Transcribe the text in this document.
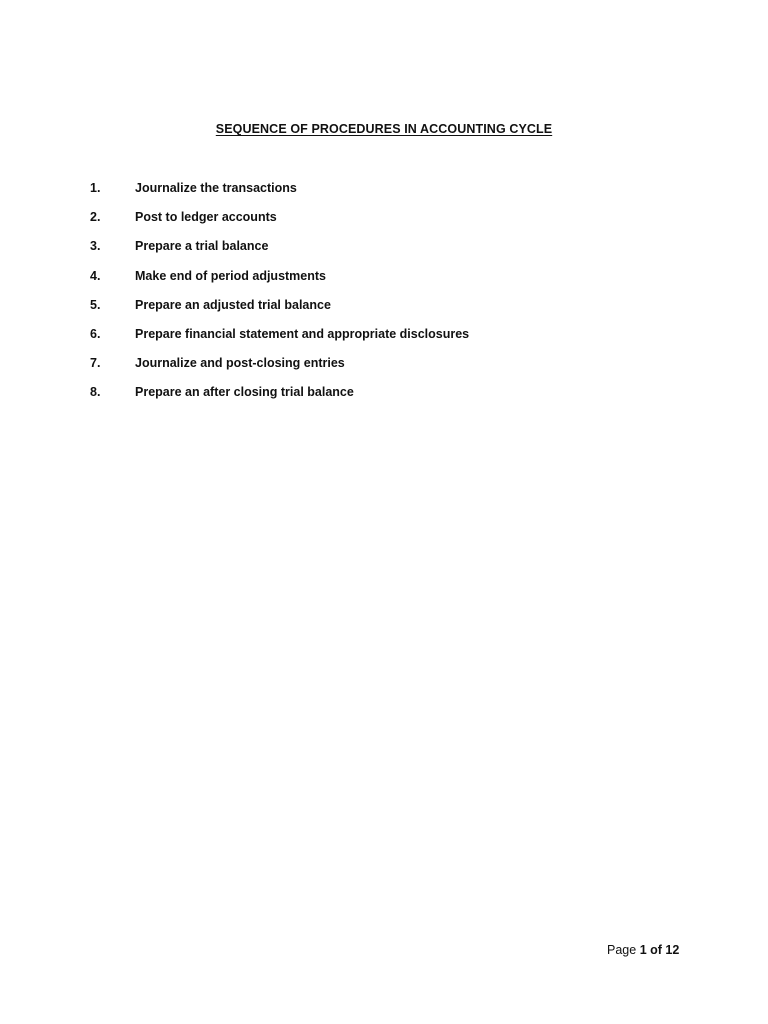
SEQUENCE OF PROCEDURES IN ACCOUNTING CYCLE
1.	Journalize the transactions
2.	Post to ledger accounts
3.	Prepare a trial balance
4.	Make end of period adjustments
5.	Prepare an adjusted trial balance
6.	Prepare financial statement and appropriate disclosures
7.	Journalize and post-closing entries
8.	Prepare an after closing trial balance
Page 1 of 12
